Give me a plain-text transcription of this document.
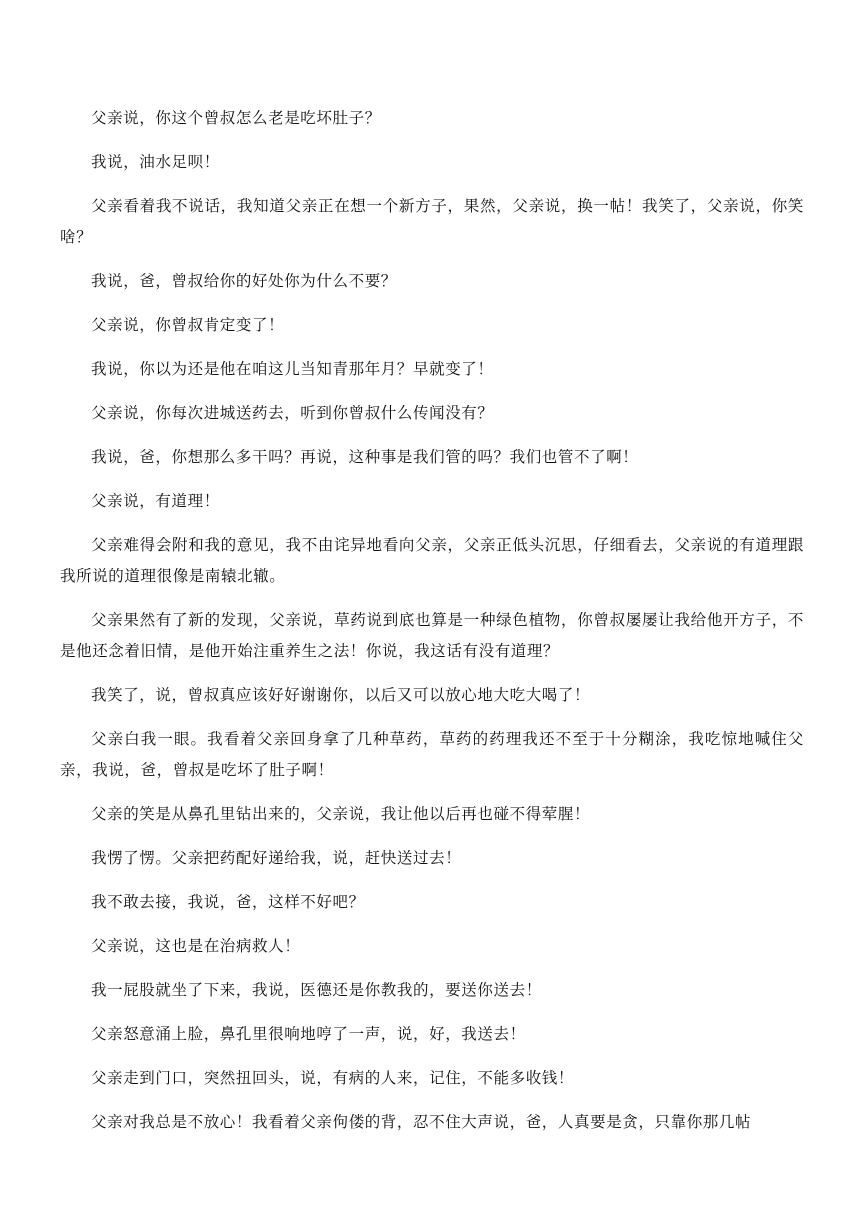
父亲说，你这个曾叔怎么老是吃坏肚子？

我说，油水足呗！

父亲看着我不说话，我知道父亲正在想一个新方子，果然，父亲说，换一帖！我笑了，父亲说，你笑啥？

我说，爸，曾叔给你的好处你为什么不要？

父亲说，你曾叔肯定变了！

我说，你以为还是他在咱这儿当知青那年月？早就变了！

父亲说，你每次进城送药去，听到你曾叔什么传闻没有？

我说，爸，你想那么多干吗？再说，这种事是我们管的吗？我们也管不了啊！

父亲说，有道理！

父亲难得会附和我的意见，我不由诧异地看向父亲，父亲正低头沉思，仔细看去，父亲说的有道理跟我所说的道理很像是南辕北辙。

父亲果然有了新的发现，父亲说，草药说到底也算是一种绿色植物，你曾叔屡屡让我给他开方子，不是他还念着旧情，是他开始注重养生之法！你说，我这话有没有道理？

我笑了，说，曾叔真应该好好谢谢你，以后又可以放心地大吃大喝了！

父亲白我一眼。我看着父亲回身拿了几种草药，草药的药理我还不至于十分糊涂，我吃惊地喊住父亲，我说，爸，曾叔是吃坏了肚子啊！

父亲的笑是从鼻孔里钻出来的，父亲说，我让他以后再也碰不得荤腥！

我愣了愣。父亲把药配好递给我，说，赶快送过去！

我不敢去接，我说，爸，这样不好吧？

父亲说，这也是在治病救人！

我一屁股就坐了下来，我说，医德还是你教我的，要送你送去！

父亲怒意涌上脸，鼻孔里很响地哼了一声，说，好，我送去！

父亲走到门口，突然扭回头，说，有病的人来，记住，不能多收钱！

父亲对我总是不放心！我看着父亲佝偻的背，忍不住大声说，爸，人真要是贪，只靠你那几帖
